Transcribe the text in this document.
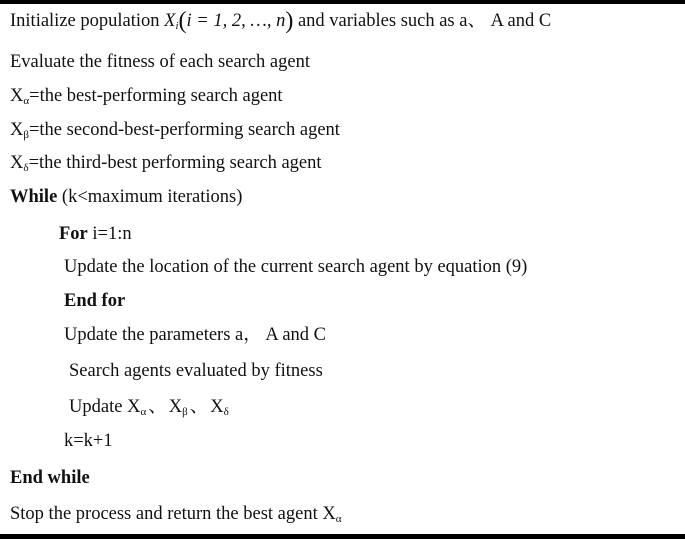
Initialize population $X_i(i = 1$, 2, …, n) and variables such as a、 A and C
Evaluate the fitness of each search agent
$X_\alpha=the$ best-performing search agent
$X_\beta=the$ second-best-performing search agent
$X_\delta=the$ third-best performing search agent
While (k<maximum iterations)
For i=1:n
Update the location of the current search agent by equation (9)
End for
Update the parameters a， A and C
Search agents evaluated by fitness
Update $X_\alpha$ 、 $X_\beta$ 、 $X_\delta$
k=k+1
End while
Stop the process and return the best agent $X_\alpha$
